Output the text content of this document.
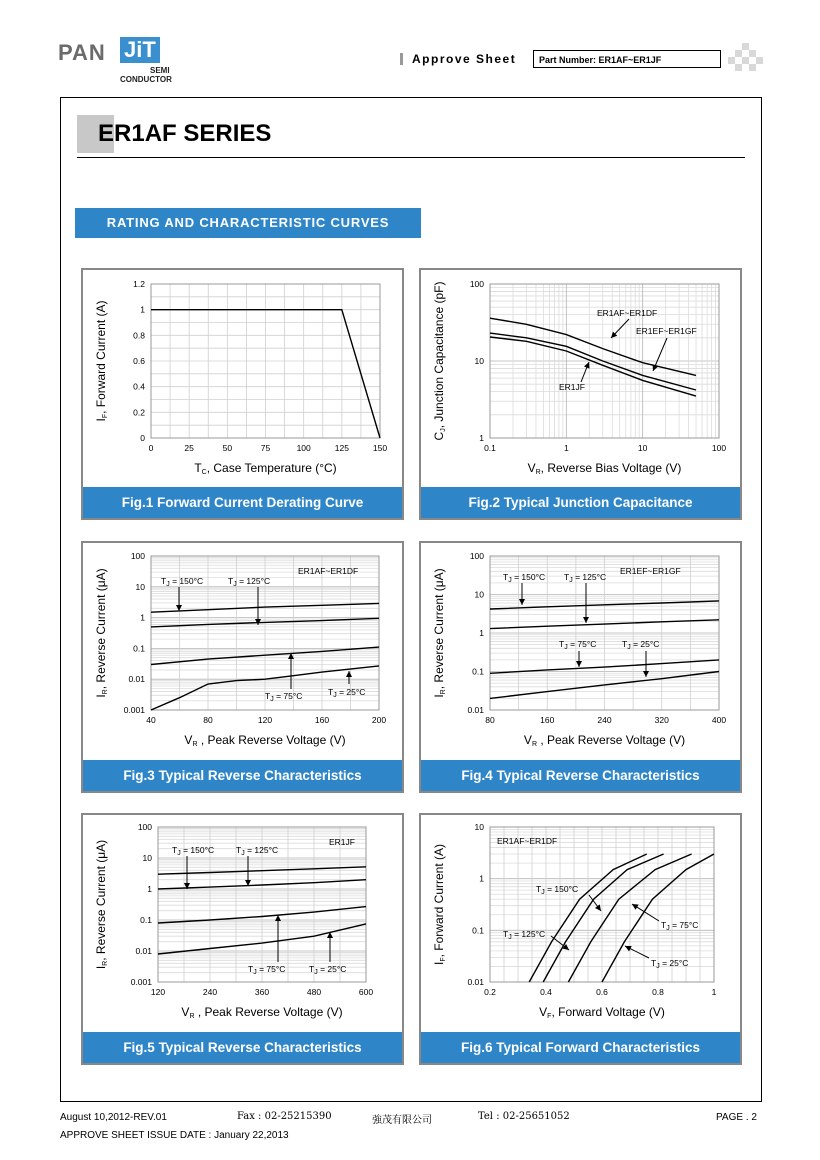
PAN JiT
SEMI
CONDUCTOR
Approve Sheet	Part Number: ER1AF~ER1JF
ER1AF SERIES
RATING AND CHARACTERISTIC CURVES
0	25	50	75	100	125	150
0
0.2
0.4
0.6
0.8
1
1.2
TC, Case Temperature (°C)
IF, Forward Current (A)
Fig.1 Forward Current Derating Curve
0.1	1	10	100
1
10
100
VR, Reverse Bias Voltage (V)
CJ, Junction Capacitance (pF)	ER1AF~ER1DF
ER1EF~ER1GF
ER1JF
Fig.2 Typical Junction Capacitance
40	80	120	160	200
0.001
0.01
0.1
1
10
100
VR , Peak Reverse Voltage (V)
IR, Reverse Current (μA)	ER1AF~ER1DF
$T_J = 150^\circ C$	$T_J = 125^\circ C$
$T_J = 75^\circ C$	$T_J = 25^\circ C$
Fig.3 Typical Reverse Characteristics
80	160	240	320	400
0.01
0.1
1
10
100
VR , Peak Reverse Voltage (V)
IR, Reverse Current (μA)	ER1EF~ER1GF
$T_J = 150^\circ C$ $T_J = 125^\circ C$
$T_J = 75^\circ C$	$T_J = 25^\circ C$
Fig.4 Typical Reverse Characteristics
120	240	360	480	600
0.001
0.01
0.1
1
10
100
VR , Peak Reverse Voltage (V)
IR, Reverse Current (μA)	ER1JF
$T_J = 150^\circ C$	$T_J = 125^\circ C$
$T_J = 75^\circ C$	$T_J = 25^\circ C$
Fig.5 Typical Reverse Characteristics
0.2	0.4	0.6	0.8	1
0.01
0.1
1
10
VF, Forward Voltage (V)
IF, Forward Current (A)
ER1AF~ER1DF
$T_J = 150^\circ C$
$T_J = 125^\circ C$
$T_J = 75^\circ C$
$T_J = 25^\circ C$
Fig.6 Typical Forward Characteristics
August 10,2012-REV.01	Fax : 02-25215390	強茂有限公司	Tel : 02-25651052	PAGE . 2
APPROVE SHEET ISSUE DATE : January 22,2013
